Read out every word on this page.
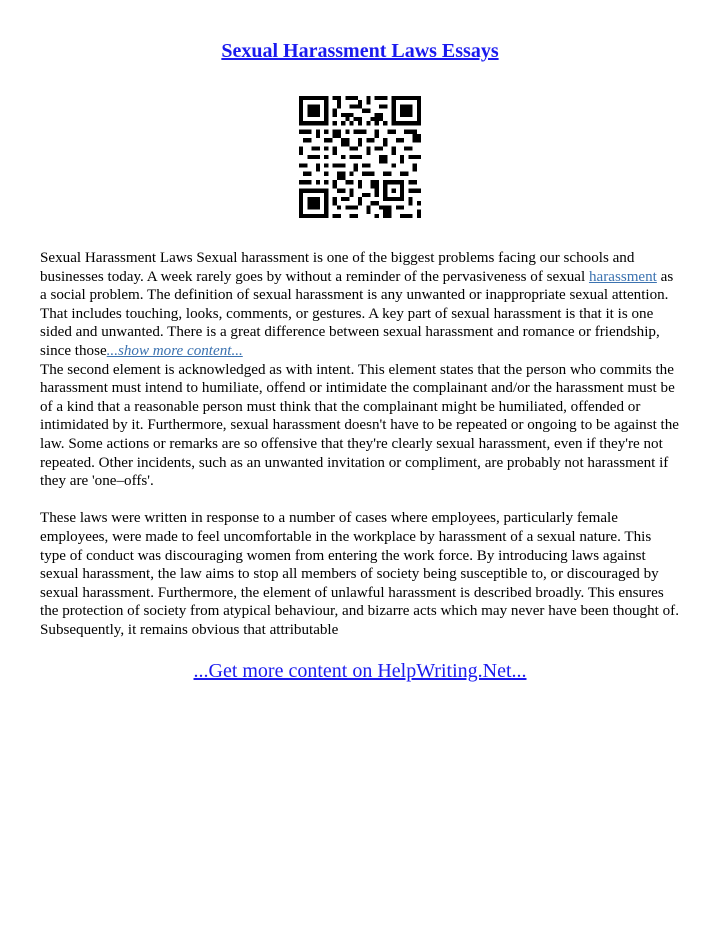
Sexual Harassment Laws Essays

Sexual Harassment Laws Sexual harassment is one of the biggest problems facing our schools and businesses today. A week rarely goes by without a reminder of the pervasiveness of sexual harassment as a social problem. The definition of sexual harassment is any unwanted or inappropriate sexual attention. That includes touching, looks, comments, or gestures. A key part of sexual harassment is that it is one sided and unwanted. There is a great difference between sexual harassment and romance or friendship, since those...show more content...

The second element is acknowledged as with intent. This element states that the person who commits the harassment must intend to humiliate, offend or intimidate the complainant and/or the harassment must be of a kind that a reasonable person must think that the complainant might be humiliated, offended or intimidated by it. Furthermore, sexual harassment doesn't have to be repeated or ongoing to be against the law. Some actions or remarks are so offensive that they're clearly sexual harassment, even if they're not repeated. Other incidents, such as an unwanted invitation or compliment, are probably not harassment if they are 'one–offs'.

These laws were written in response to a number of cases where employees, particularly female employees, were made to feel uncomfortable in the workplace by harassment of a sexual nature. This type of conduct was discouraging women from entering the work force. By introducing laws against sexual harassment, the law aims to stop all members of society being susceptible to, or discouraged by sexual harassment. Furthermore, the element of unlawful harassment is described broadly. This ensures the protection of society from atypical behaviour, and bizarre acts which may never have been thought of. Subsequently, it remains obvious that attributable

...Get more content on HelpWriting.Net...
